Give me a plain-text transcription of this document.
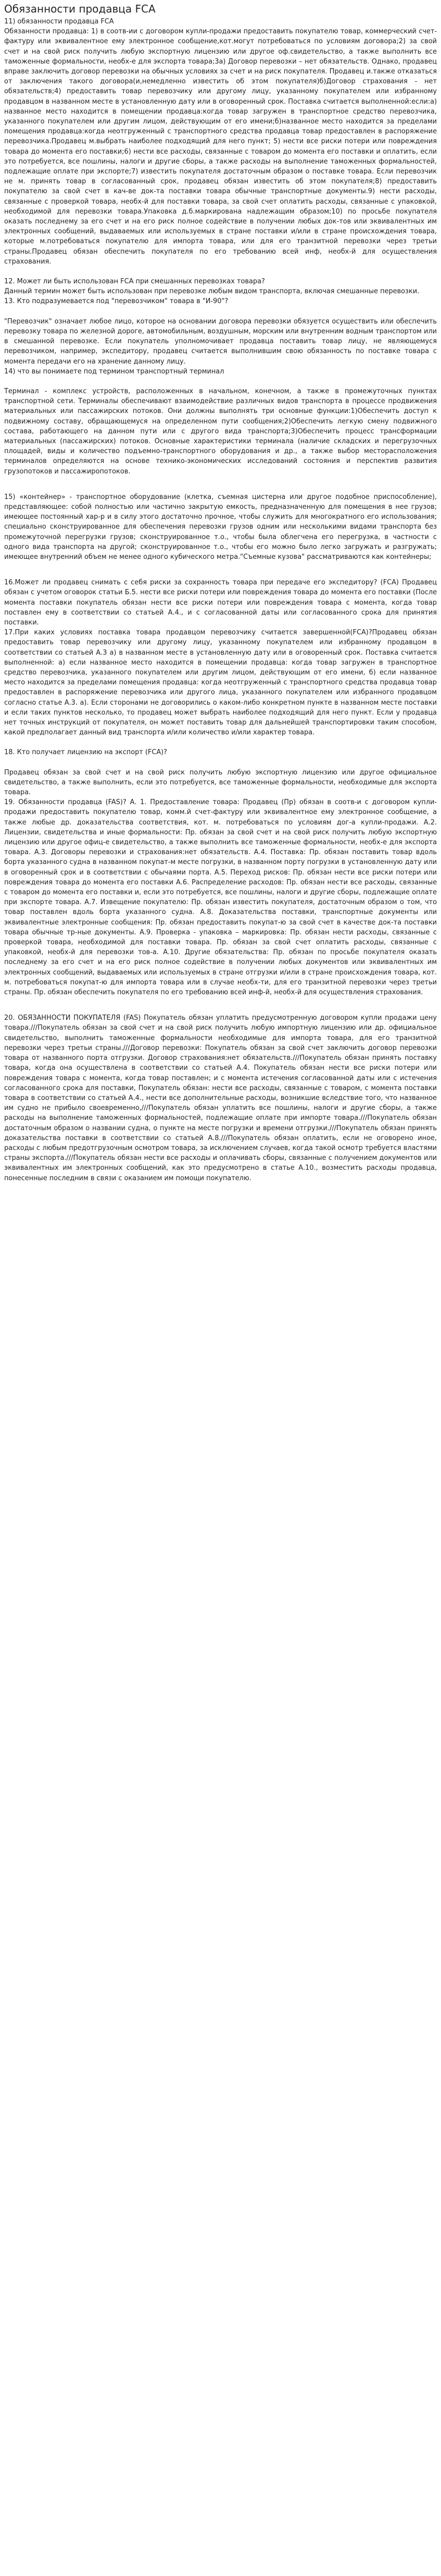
Обязанности продавца FCA

11) обязанности продавца FCA

Обязанности продавца: 1) в соотв-ии с договором купли-продажи предоставить покупателю товар, коммерческий счет-фактуру или эквивалентное ему электронное сообщение,кот.могут потребоваться по условиям договора;2) за свой счет и на свой риск получить любую экспортную лицензию или другое оф.свидетельство, а также выполнить все таможенные формальности, необх-е для экспорта товара;3а) Договор перевозки – нет обязательств. Однако, продавец вправе заключить договор перевозки на обычных условиях за счет и на риск покупателя. Продавец и.также отказаться от заключения такого договора(и,немедленно известить об этом покупателя)б)Договор страхования - нет обязательств;4) предоставить товар перевозчику или другому лицу, указанному покупателем или избранному продавцом в названном месте в установленную дату или в оговоренный срок. Поставка считается выполненной:если:а) названное место находится в помещении продавца:когда товар загружен в транспортное средство перевозчика, указанного покупателем или другим лицом, действующим от его имени;б)названное место находится за пределами помещения продавца:когда неотгруженный с транспортного средства продавца товар предоставлен в распоряжение перевозчика.Продавец м.выбрать наиболее подходящий для него пункт; 5) нести все риски потери или повреждения товара до момента его поставки;6) нести все расходы, связанные с товаром до момента его поставки и оплатить, если это потребуется, все пошлины, налоги и другие сборы, а также расходы на выполнение таможенных формальностей, подлежащие оплате при экспорте;7) известить покупателя достаточным образом о поставке товара. Если перевозчик не м. принять товар в согласованный срок, продавец обязан известить об этом покупателя;8) предоставить покупателю за свой счет в кач-ве док-та поставки товара обычные транспортные документы.9) нести расходы, связанные с проверкой товара, необх-й для поставки товара, за свой счет оплатить расходы, связанные с упаковкой, необходимой для перевозки товара.Упаковка д.б.маркирована надлежащим образом;10) по просьбе покупателя оказать последнему за его счет и на его риск полное содействие в получении любых док-тов или эквивалентных им электронных сообщений, выдаваемых или используемых в стране поставки и/или в стране происхождения товара, которые м.потребоваться покупателю для импорта товара, или для его транзитной перевозки через третьи страны.Продавец обязан обеспечить покупателя по его требованию всей инф, необх-й для осуществления страхования.

12. Может ли быть использован FCA при смешанных перевозках товара?

Данный термин может быть использован при перевозке любым видом транспорта, включая смешанные перевозки.

13. Кто подразумевается под "перевозчиком" товара в "И-90"?

"Перевозчик" означает любое лицо, которое на основании договора перевозки обязуется осуществить или обеспечить перевозку товара по железной дороге, автомобильным, воздушным, морским или внутренним водным транспортом или в смешанной перевозке. Если покупатель уполномочивает продавца поставить товар лицу, не являющемуся перевозчиком, например, экспедитору, продавец считается выполнившим свою обязанность по поставке товара с момента передачи его на хранение данному лицу.

14) что вы понимаете под термином транспортный терминал

Терминал - комплекс устройств, расположенных в начальном, конечном, а также в промежуточных пунктах транспортной сети. Терминалы обеспечивают взаимодействие различных видов транспорта в процессе продвижения материальных или пассажирских потоков. Они должны выполнять три основные функции:1)Обеспечить доступ к подвижному составу, обращающемуся на определенном пути сообщения;2)Обеспечить легкую смену подвижного состава, работающего на данном пути или с другого вида транспорта;3)Обеспечить процесс трансформации материальных (пассажирских) потоков. Основные характеристики терминала (наличие складских и перегрузочных площадей, виды и количество подъемно-транспортного оборудования и др., а также выбор месторасположения терминалов определяются на основе технико-экономических исследований состояния и перспектив развития грузопотоков и пассажиропотоков.

15) «контейнер» - транспортное оборудование (клетка, съемная цистерна или другое подобное приспособление), представляющее: собой полностью или частично закрытую емкость, предназначенную для помещения в нее грузов; имеющее постоянный хар-р и в силу этого достаточно прочное, чтобы служить для многократного его использования; специально сконструированное для обеспечения перевозки грузов одним или несколькими видами транспорта без промежуточной перегрузки грузов; сконструированное т.о., чтобы была облегчена его перегрузка, в частности с одного вида транспорта на другой; сконструированное т.о., чтобы его можно было легко загружать и разгружать; имеющее внутренний объем не менее одного кубического метра."Съемные кузова" рассматриваются как контейнеры;

16.Может ли продавец снимать с себя риски за сохранность товара при передаче его экспедитору? (FCA) Продавец обязан с учетом оговорок статьи Б.5. нести все риски потери или повреждения товара до момента его поставки (После момента поставки покупатель обязан нести все риски потери или повреждения товара с момента, когда товар поставлен ему в соответствии со статьей А.4., и с согласованной даты или согласованного срока для принятия поставки.

17.При каких условиях поставка товара продавцом перевозчику считается завершенной(FCA)?Продавец обязан предоставить товар перевозчику или другому лицу, указанному покупателем или избранному продавцом в соответствии со статьей А.3 а) в названном месте в установленную дату или в оговоренный срок. Поставка считается выполненной: а) если названное место находится в помещении продавца: когда товар загружен в транспортное средство перевозчика, указанного покупателем или другим лицом, действующим от его имени, б) если названное место находится за пределами помещения продавца: когда неотгруженный с транспортного средства продавца товар предоставлен в распоряжение перевозчика или другого лица, указанного покупателем или избранного продавцом согласно статье А.3. а). Если сторонами не договорились о каком-либо конкретном пункте в названном месте поставки и если таких пунктов несколько, то продавец может выбрать наиболее подходящий для него пункт. Если у продавца нет точных инструкций от покупателя, он может поставить товар для дальнейшей транспортировки таким способом, какой предполагает данный вид транспорта и/или количество и/или характер товара.

18. Кто получает лицензию на экспорт (FCA)?

Продавец обязан за свой счет и на свой риск получить любую экспортную лицензию или другое официальное свидетельство, а также выполнить, если это потребуется, все таможенные формальности, необходимые для экспорта товара.

19. Обязанности продавца (FAS)? А. 1. Предоставление товара: Продавец (Пр) обязан в соотв-и с договором купли-продажи предоставить покупателю товар, комм.й счет-фактуру или эквивалентное ему электронное сообщение, а также любые др. доказательства соответствия, кот. м. потребоваться по условиям дог-а купли-продажи. А.2. Лицензии, свидетельства и иные формальности: Пр. обязан за свой счет и на свой риск получить любую экспортную лицензию или другое офиц-е свидетельство, а также выполнить все таможенные формальности, необх-е для экспорта товара. А.3. Договоры перевозки и страхования:нет обязательств. А.4. Поставка: Пр. обязан поставить товар вдоль борта указанного судна в названном покупат-м месте погрузки, в названном порту погрузки в установленную дату или в оговоренный срок и в соответствии с обычаями порта. А.5. Переход рисков: Пр. обязан нести все риски потери или повреждения товара до момента его поставки А.6. Распределение расходов: Пр. обязан нести все расходы, связанные с товаром до момента его поставки и, если это потребуется, все пошлины, налоги и другие сборы, подлежащие оплате при экспорте товара. А.7. Извещение покупателю: Пр. обязан известить покупателя, достаточным образом о том, что товар поставлен вдоль борта указанного судна. А.8. Доказательства поставки, транспортные документы или эквивалентные электронные сообщения: Пр. обязан предоставить покупат-ю за свой счет в качестве док-та поставки товара обычные тр-ные документы. А.9. Проверка - упаковка – маркировка: Пр. обязан нести расходы, связанные с проверкой товара, необходимой для поставки товара. Пр. обязан за свой счет оплатить расходы, связанные с упаковкой, необх-й для перевозки тов-а. А.10. Другие обязательства: Пр. обязан по просьбе покупателя оказать последнему за его счет и на его риск полное содействие в получении любых документов или эквивалентных им электронных сообщений, выдаваемых или используемых в стране отгрузки и/или в стране происхождения товара, кот. м. потребоваться покупат-ю для импорта товара или в случае необх-ти, для его транзитной перевозки через третьи страны. Пр. обязан обеспечить покупателя по его требованию всей инф-й, необх-й для осуществления страхования.

20. ОБЯЗАННОСТИ ПОКУПАТЕЛЯ (FAS) Покупатель обязан уплатить предусмотренную договором купли продажи цену товара.///Покупатель обязан за свой счет и на свой риск получить любую импортную лицензию или др. официальное свидетельство, выполнить таможенные формальности необходимые для импорта товара, для его транзитной перевозки через третьи страны.///Договор перевозки: Покупатель обязан за свой счет заключить договор перевозки товара от названного порта отгрузки. Договор страхования:нет обязательств.///Покупатель обязан принять поставку товара, когда она осуществлена в соответствии со статьей А.4. Покупатель обязан нести все риски потери или повреждения товара с момента, когда товар поставлен; и с момента истечения согласованной даты или с истечения согласованного срока для поставки, Покупатель обязан: нести все расходы, связанные с товаром, с момента поставки товара в соответствии со статьей А.4., нести все дополнительные расходы, возникшие вследствие того, что названное им судно не прибыло своевременно,///Покупатель обязан уплатить все пошлины, налоги и другие сборы, а также расходы на выполнение таможенных формальностей, подлежащие оплате при импорте товара.///Покупатель обязан достаточным образом о названии судна, о пункте на месте погрузки и времени отгрузки.///Покупатель обязан принять доказательства поставки в соответствии со статьей А.8.///Покупатель обязан оплатить, если не оговорено иное, расходы с любым предотгрузочным осмотром товара, за исключением случаев, когда такой осмотр требуется властями страны экспорта.///Покупатель обязан нести все расходы и оплачивать сборы, связанные с получением документов или эквивалентных им электронных сообщений, как это предусмотрено в статье А.10., возместить расходы продавца, понесенные последним в связи с оказанием им помощи покупателю.
